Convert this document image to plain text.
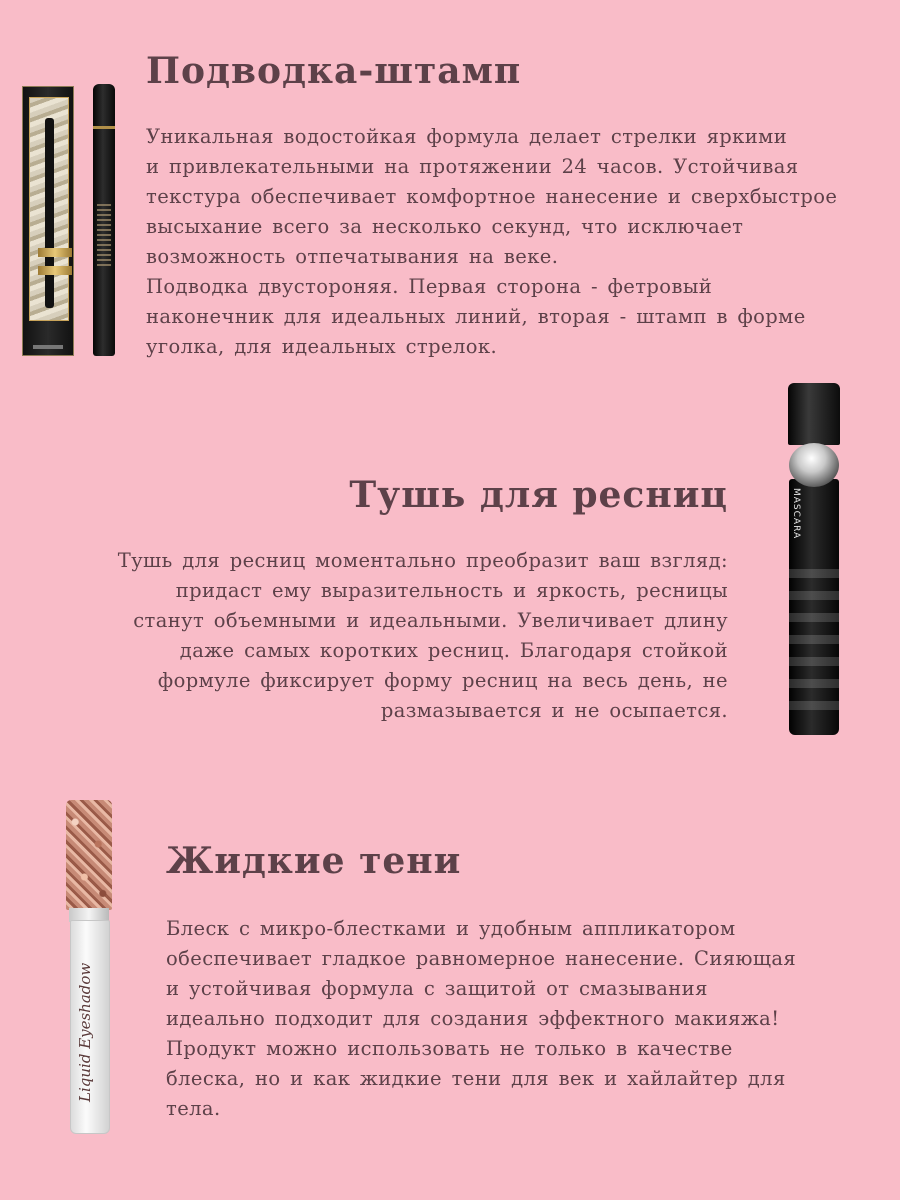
Подводка-штамп
Уникальная водостойкая формула делает стрелки яркими
и привлекательными на протяжении 24 часов. Устойчивая
текстура обеспечивает комфортное нанесение и сверхбыстрое
высыхание всего за несколько секунд, что исключает
возможность отпечатывания на веке.
Подводка двустороняя. Первая сторона - фетровый
наконечник для идеальных линий, вторая - штамп в форме
уголка, для идеальных стрелок.
Тушь для ресниц
Тушь для ресниц моментально преобразит ваш взгляд:
придаст ему выразительность и яркость, ресницы
станут объемными и идеальными. Увеличивает длину
даже самых коротких ресниц. Благодаря стойкой
формуле фиксирует форму ресниц на весь день, не
размазывается и не осыпается.
MASCARA
Liquid Eyeshadow
Жидкие тени
Блеск с микро-блестками и удобным аппликатором
обеспечивает гладкое равномерное нанесение. Сияющая
и устойчивая формула с защитой от смазывания
идеально подходит для создания эффектного макияжа!
Продукт можно использовать не только в качестве
блеска, но и как жидкие тени для век и хайлайтер для
тела.
